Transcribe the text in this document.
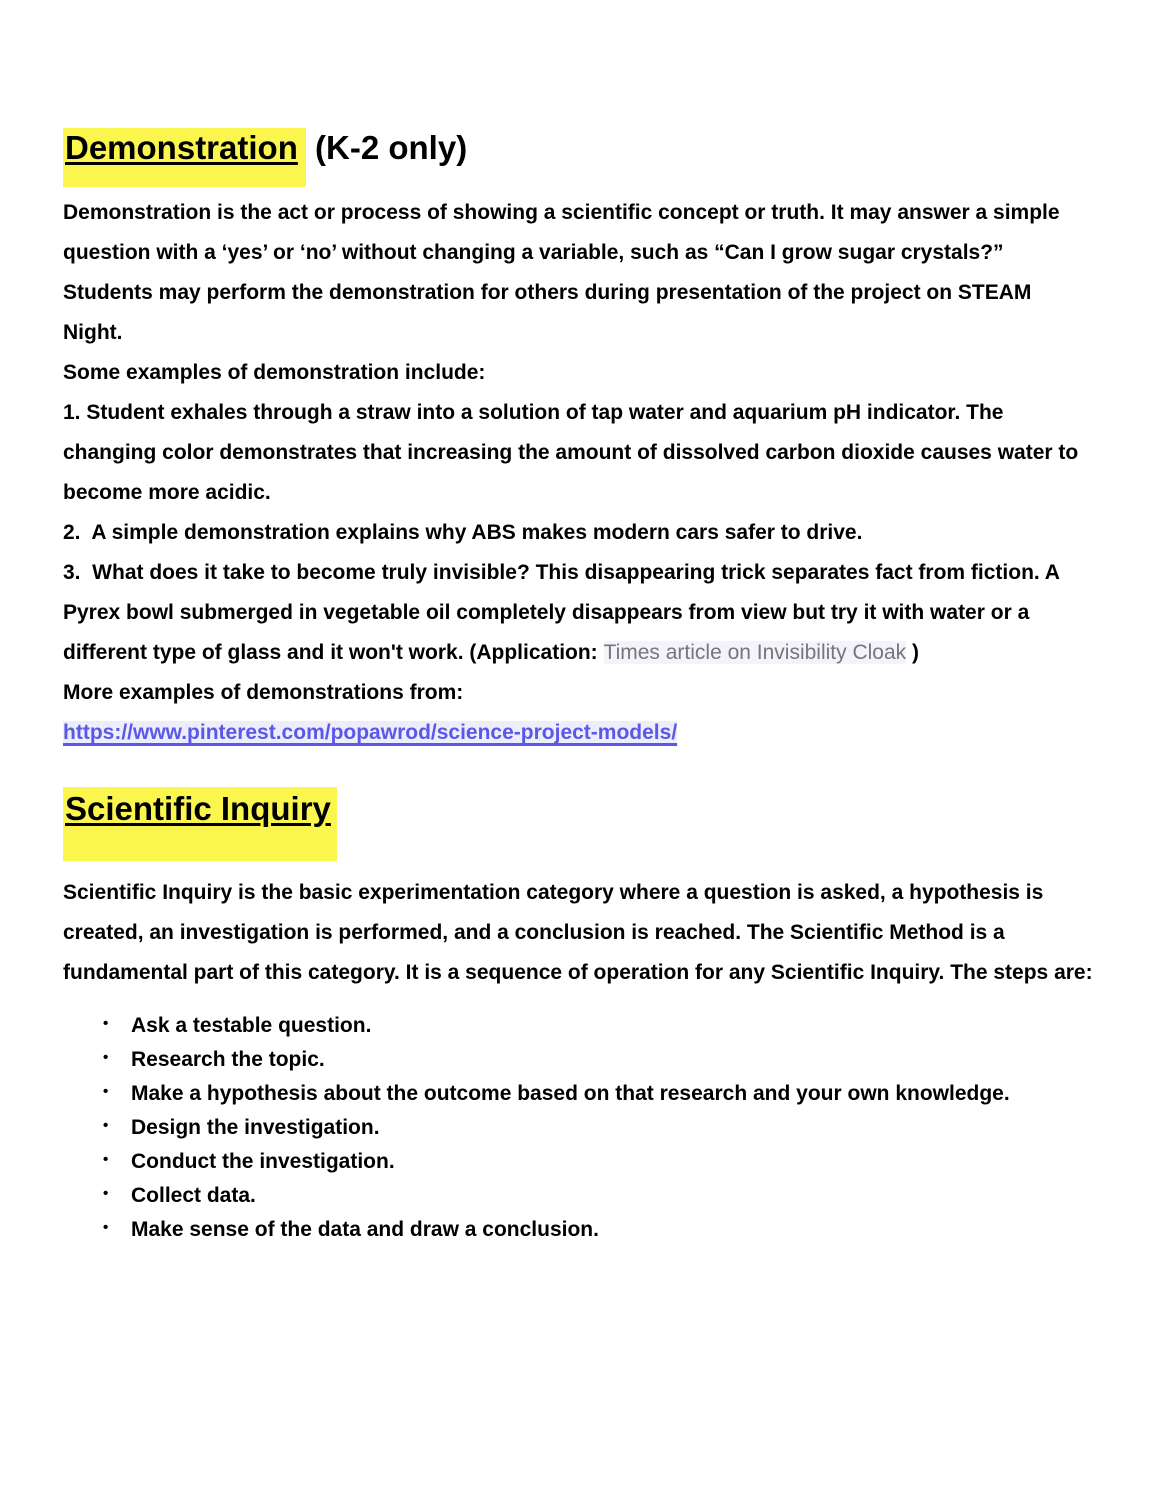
Demonstration (K-2 only)

Demonstration is the act or process of showing a scientific concept or truth. It may answer a simple question with a ‘yes’ or ‘no’ without changing a variable, such as “Can I grow sugar crystals?”  Students may perform the demonstration for others during presentation of the project on STEAM Night.

Some examples of demonstration include:

1. Student exhales through a straw into a solution of tap water and aquarium pH indicator. The changing color demonstrates that increasing the amount of dissolved carbon dioxide causes water to become more acidic.

2.  A simple demonstration explains why ABS makes modern cars safer to drive.

3.  What does it take to become truly invisible? This disappearing trick separates fact from fiction. A Pyrex bowl submerged in vegetable oil completely disappears from view but try it with water or a different type of glass and it won't work. (Application: Times article on Invisibility Cloak )

More examples of demonstrations from:

https://www.pinterest.com/popawrod/science-project-models/

Scientific Inquiry

Scientific Inquiry is the basic experimentation category where a question is asked, a hypothesis is created, an investigation is performed, and a conclusion is reached. The Scientific Method is a fundamental part of this category. It is a sequence of operation for any Scientific Inquiry. The steps are:

• Ask a testable question.
• Research the topic.
• Make a hypothesis about the outcome based on that research and your own knowledge.
• Design the investigation.
• Conduct the investigation.
• Collect data.
• Make sense of the data and draw a conclusion.
